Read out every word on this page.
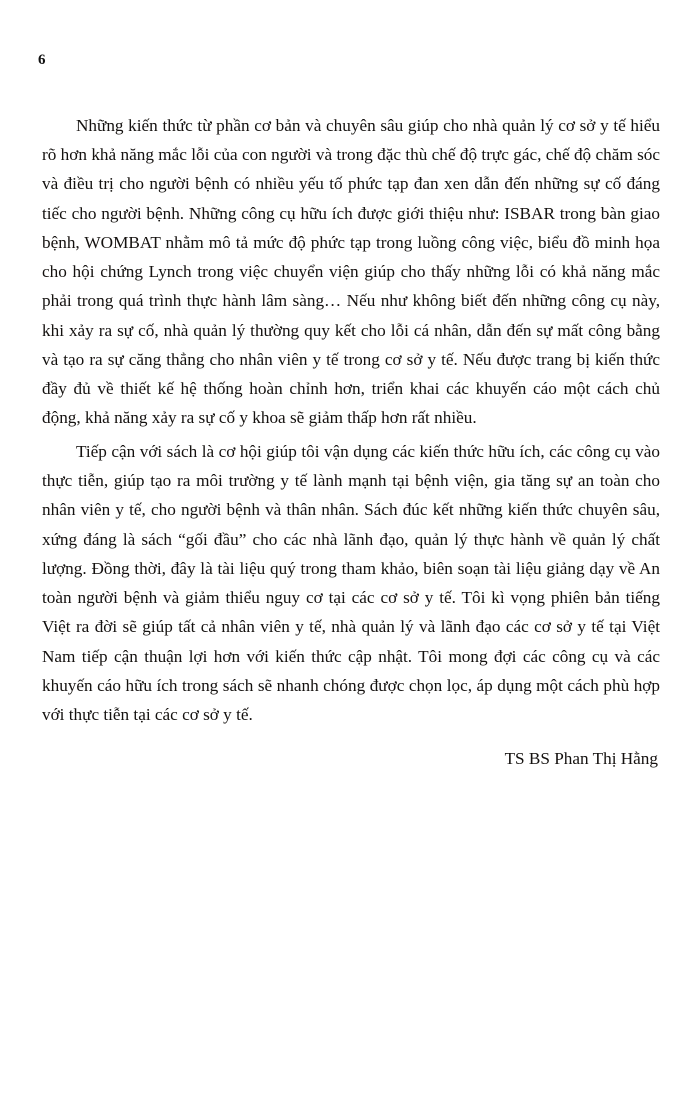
6

Những kiến thức từ phần cơ bản và chuyên sâu giúp cho nhà quản lý cơ sở y tế hiểu rõ hơn khả năng mắc lỗi của con người và trong đặc thù chế độ trực gác, chế độ chăm sóc và điều trị cho người bệnh có nhiều yếu tố phức tạp đan xen dẫn đến những sự cố đáng tiếc cho người bệnh. Những công cụ hữu ích được giới thiệu như: ISBAR trong bàn giao bệnh, WOMBAT nhằm mô tả mức độ phức tạp trong luồng công việc, biểu đồ minh họa cho hội chứng Lynch trong việc chuyển viện giúp cho thấy những lỗi có khả năng mắc phải trong quá trình thực hành lâm sàng… Nếu như không biết đến những công cụ này, khi xảy ra sự cố, nhà quản lý thường quy kết cho lỗi cá nhân, dẫn đến sự mất công bằng và tạo ra sự căng thẳng cho nhân viên y tế trong cơ sở y tế. Nếu được trang bị kiến thức đầy đủ về thiết kế hệ thống hoàn chỉnh hơn, triển khai các khuyến cáo một cách chủ động, khả năng xảy ra sự cố y khoa sẽ giảm thấp hơn rất nhiều.

Tiếp cận với sách là cơ hội giúp tôi vận dụng các kiến thức hữu ích, các công cụ vào thực tiễn, giúp tạo ra môi trường y tế lành mạnh tại bệnh viện, gia tăng sự an toàn cho nhân viên y tế, cho người bệnh và thân nhân. Sách đúc kết những kiến thức chuyên sâu, xứng đáng là sách “gối đầu” cho các nhà lãnh đạo, quản lý thực hành về quản lý chất lượng. Đồng thời, đây là tài liệu quý trong tham khảo, biên soạn tài liệu giảng dạy về An toàn người bệnh và giảm thiểu nguy cơ tại các cơ sở y tế. Tôi kì vọng phiên bản tiếng Việt ra đời sẽ giúp tất cả nhân viên y tế, nhà quản lý và lãnh đạo các cơ sở y tế tại Việt Nam tiếp cận thuận lợi hơn với kiến thức cập nhật. Tôi mong đợi các công cụ và các khuyến cáo hữu ích trong sách sẽ nhanh chóng được chọn lọc, áp dụng một cách phù hợp với thực tiễn tại các cơ sở y tế.

TS BS Phan Thị Hằng
